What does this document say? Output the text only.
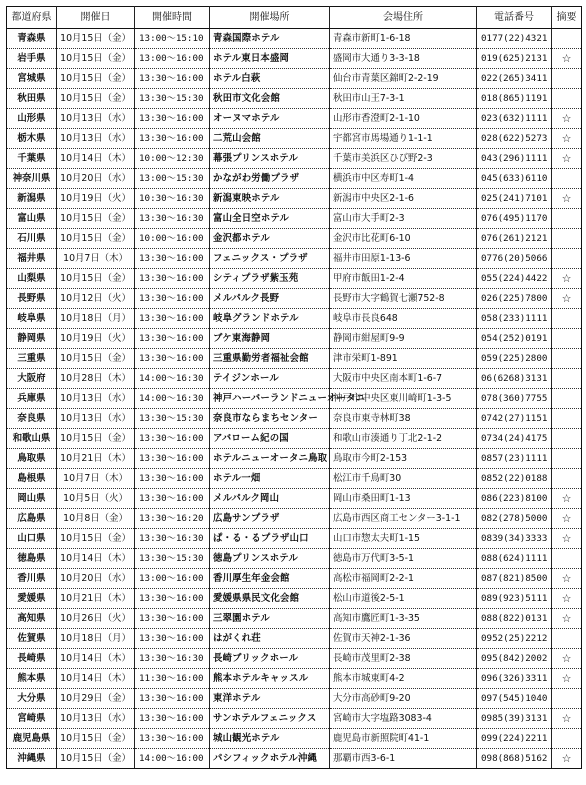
都道府県	開催日	開催時間	開催場所	会場住所	電話番号	摘要
青森県	10月15日（金）	13:00～15:10	青森国際ホテル	青森市新町1-6-18	0177(22)4321	
岩手県	10月15日（金）	13:00～16:00	ホテル東日本盛岡	盛岡市大通り3-3-18	019(625)2131	☆
宮城県	10月15日（金）	13:30～16:00	ホテル白萩	仙台市青葉区錦町2-2-19	022(265)3411	
秋田県	10月15日（金）	13:30～15:30	秋田市文化会館	秋田市山王7-3-1	018(865)1191	
山形県	10月13日（水）	13:30～16:00	オーヌマホテル	山形市香澄町2-1-10	023(632)1111	☆
栃木県	10月13日（水）	13:30～16:00	二荒山会館	宇都宮市馬場通り1-1-1	028(622)5273	☆
千葉県	10月14日（木）	10:00～12:30	幕張プリンスホテル	千葉市美浜区ひび野2-3	043(296)1111	☆
神奈川県	10月20日（水）	13:00～15:30	かながわ労働プラザ	横浜市中区寿町1-4	045(633)6110	
新潟県	10月19日（火）	10:30～16:30	新潟東映ホテル	新潟市中央区2-1-6	025(241)7101	☆
富山県	10月15日（金）	13:30～16:30	富山全日空ホテル	富山市大手町2-3	076(495)1170	
石川県	10月15日（金）	10:00～16:00	金沢都ホテル	金沢市比花町6-10	076(261)2121	
福井県	10月7日（木）	13:30～16:00	フェニックス・プラザ	福井市田原1-13-6	0776(20)5066	
山梨県	10月15日（金）	13:30～16:00	シティプラザ紫玉苑	甲府市飯田1-2-4	055(224)4422	☆
長野県	10月12日（火）	13:30～16:00	メルパルク長野	長野市大字鶴賀七瀬752-8	026(225)7800	☆
岐阜県	10月18日（月）	13:30～16:00	岐阜グランドホテル	岐阜市長良648	058(233)1111	
静岡県	10月19日（火）	13:30～16:00	ブケ東海静岡	静岡市紺屋町9-9	054(252)0191	
三重県	10月15日（金）	13:30～16:00	三重県勤労者福祉会館	津市栄町1-891	059(225)2800	
大阪府	10月28日（木）	14:00～16:30	テイジンホール	大阪市中央区南本町1-6-7	06(6268)3131	
兵庫県	10月13日（水）	14:00～16:30	神戸ハーバーランドニューオータニ	神戸市中央区東川崎町1-3-5	078(360)7755	
奈良県	10月13日（水）	13:30～15:30	奈良市ならまちセンター	奈良市東寺林町38	0742(27)1151	
和歌山県	10月15日（金）	13:30～16:00	アバローム紀の国	和歌山市湊通り丁北2-1-2	0734(24)4175	
鳥取県	10月21日（木）	13:30～16:00	ホテルニューオータニ鳥取	鳥取市今町2-153	0857(23)1111	
島根県	10月7日（木）	13:30～16:00	ホテル一畑	松江市千鳥町30	0852(22)0188	
岡山県	10月5日（火）	13:30～16:00	メルパルク岡山	岡山市桑田町1-13	086(223)8100	☆
広島県	10月8日（金）	13:30～16:20	広島サンプラザ	広島市西区商工センター3-1-1	082(278)5000	☆
山口県	10月15日（金）	13:30～16:30	ぱ・る・るプラザ山口	山口市惣太夫町1-15	0839(34)3333	☆
徳島県	10月14日（木）	13:30～15:30	徳島プリンスホテル	徳島市万代町3-5-1	088(624)1111	
香川県	10月20日（水）	13:00～16:00	香川厚生年金会館	高松市福岡町2-2-1	087(821)8500	☆
愛媛県	10月21日（木）	13:30～16:00	愛媛県県民文化会館	松山市道後2-5-1	089(923)5111	☆
高知県	10月26日（火）	13:30～16:00	三翠園ホテル	高知市鷹匠町1-3-35	088(822)0131	☆
佐賀県	10月18日（月）	13:30～16:00	はがくれ荘	佐賀市天神2-1-36	0952(25)2212	
長崎県	10月14日（木）	13:30～16:30	長崎ブリックホール	長崎市茂里町2-38	095(842)2002	☆
熊本県	10月14日（木）	11:30～16:00	熊本ホテルキャッスル	熊本市城東町4-2	096(326)3311	☆
大分県	10月29日（金）	13:30～16:00	東洋ホテル	大分市高砂町9-20	097(545)1040	
宮崎県	10月13日（水）	13:30～16:00	サンホテルフェニックス	宮崎市大字塩路3083-4	0985(39)3131	☆
鹿児島県	10月15日（金）	13:30～16:00	城山観光ホテル	鹿児島市新照院町41-1	099(224)2211	
沖縄県	10月15日（金）	14:00～16:00	パシフィックホテル沖縄	那覇市西3-6-1	098(868)5162	☆
